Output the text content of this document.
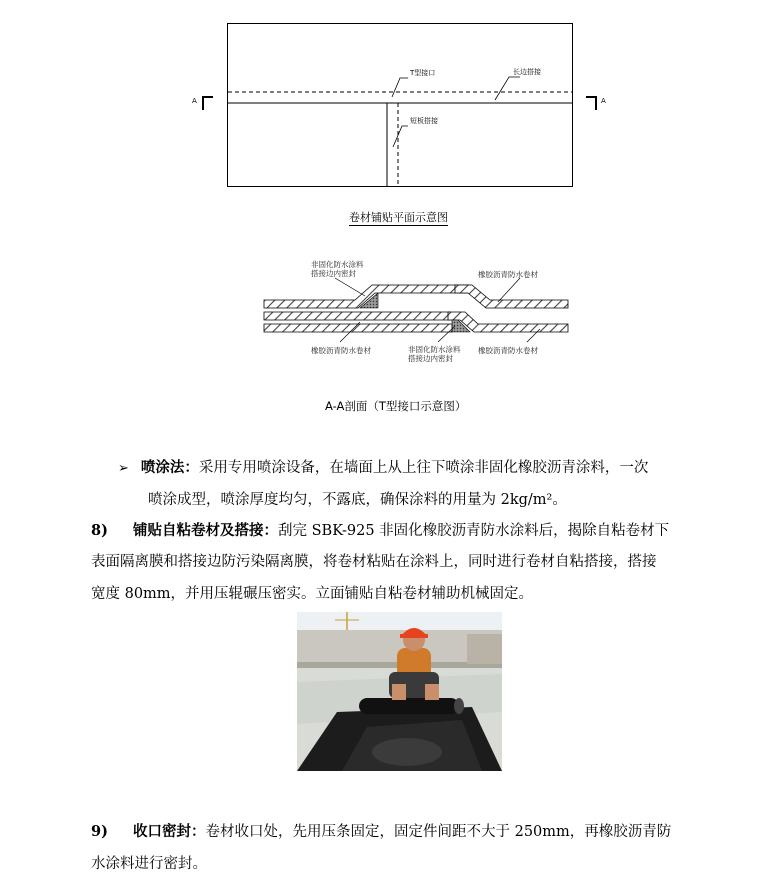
A	A
T型接口	长边搭接
短板搭接
卷材铺贴平面示意图
非固化防水涂料
搭接边内密封	橡胶沥青防水卷材
橡胶沥青防水卷材	非固化防水涂料
搭接边内密封
橡胶沥青防水卷材
A-A剖面（T型接口示意图）
➢ 喷涂法：采用专用喷涂设备，在墙面上从上往下喷涂非固化橡胶沥青涂料，一次
喷涂成型，喷涂厚度均匀，不露底，确保涂料的用量为 2kg/m²。
8) 铺贴自粘卷材及搭接：刮完 SBK-925 非固化橡胶沥青防水涂料后，揭除自粘卷材下
表面隔离膜和搭接边防污染隔离膜，将卷材粘贴在涂料上，同时进行卷材自粘搭接，搭接
宽度 80mm，并用压辊碾压密实。立面铺贴自粘卷材辅助机械固定。
9) 收口密封：卷材收口处，先用压条固定，固定件间距不大于 250mm，再橡胶沥青防
水涂料进行密封。
